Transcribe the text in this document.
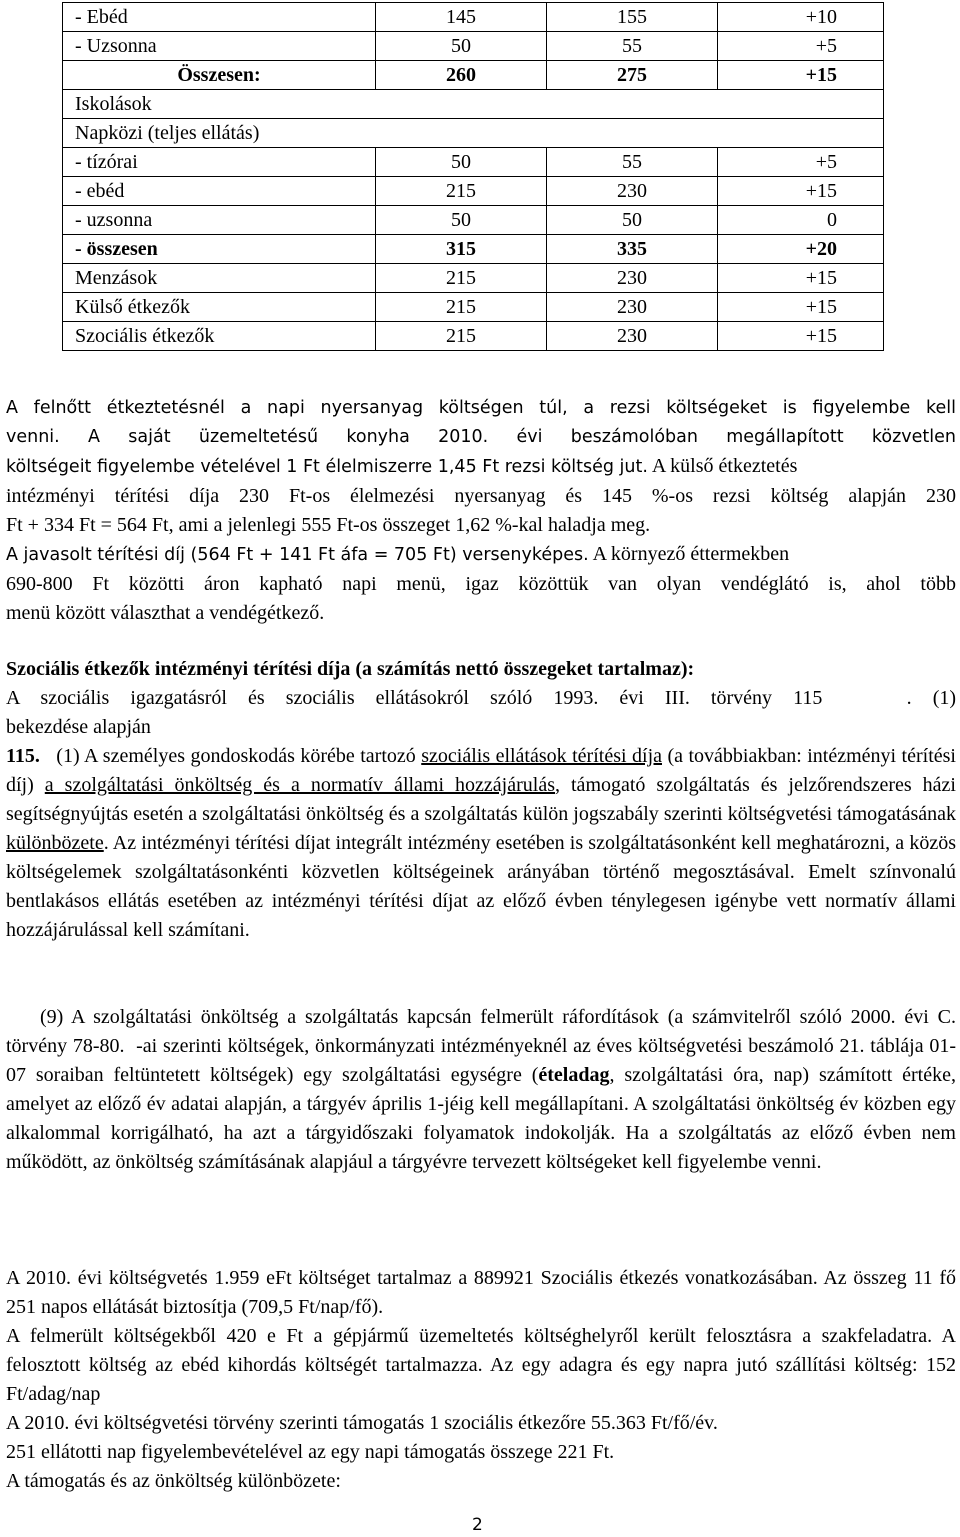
- Ebéd	145	155	+10
- Uzsonna	50	55	+5
Összesen:	260	275	+15
Iskolások			
Napközi (teljes ellátás)			
- tízórai	50	55	+5
- ebéd	215	230	+15
- uzsonna	50	50	0
- összesen	315	335	+20
Menzások	215	230	+15
Külső étkezők	215	230	+15
Szociális étkezők	215	230	+15
A felnőtt étkeztetésnél a napi nyersanyag költségen túl, a rezsi költségeket is figyelembe kell
venni. A saját üzemeltetésű konyha 2010. évi beszámolóban megállapított közvetlen
költségeit figyelembe vételével 1 Ft élelmiszerre 1,45 Ft rezsi költség jut. A külső étkeztetés
intézményi térítési díja 230 Ft-os élelmezési nyersanyag és 145 %-os rezsi költség alapján 230
Ft + 334 Ft = 564 Ft, ami a jelenlegi 555 Ft-os összeget 1,62 %-kal haladja meg.
A javasolt térítési díj (564 Ft + 141 Ft áfa = 705 Ft) versenyképes. A környező éttermekben
690-800 Ft közötti áron kapható napi menü, igaz közöttük van olyan vendéglátó is, ahol több
menü között választhat a vendégétkező.
Szociális étkezők intézményi térítési díja (a számítás nettó összegeket tartalmaz):
A szociális igazgatásról és szociális ellátásokról szóló 1993. évi III. törvény 115	. (1)
bekezdése alapján
115.   (1) A személyes gondoskodás körébe tartozó szociális ellátások térítési díja (a továbbiakban: intézményi térítési díj) a szolgáltatási önköltség és a normatív állami hozzájárulás, támogató szolgáltatás és jelzőrendszeres házi segítségnyújtás esetén a szolgáltatási önköltség és a szolgáltatás külön jogszabály szerinti költségvetési támogatásának különbözete. Az intézményi térítési díjat integrált intézmény esetében is szolgáltatásonként kell meghatározni, a közös költségelemek szolgáltatásonkénti közvetlen költségeinek arányában történő megosztásával. Emelt színvonalú bentlakásos ellátás esetében az intézményi térítési díjat az előző évben ténylegesen igénybe vett normatív állami hozzájárulással kell számítani.
(9) A szolgáltatási önköltség a szolgáltatás kapcsán felmerült ráfordítások (a számvitelről szóló 2000. évi C. törvény 78-80. -ai szerinti költségek, önkormányzati intézményeknél az éves költségvetési beszámoló 21. táblája 01-07 soraiban feltüntetett költségek) egy szolgáltatási egységre (ételadag, szolgáltatási óra, nap) számított értéke, amelyet az előző év adatai alapján, a tárgyév április 1-jéig kell megállapítani. A szolgáltatási önköltség év közben egy alkalommal korrigálható, ha azt a tárgyidőszaki folyamatok indokolják. Ha a szolgáltatás az előző évben nem működött, az önköltség számításának alapjául a tárgyévre tervezett költségeket kell figyelembe venni.
A 2010. évi költségvetés 1.959 eFt költséget tartalmaz a 889921 Szociális étkezés vonatkozásában. Az összeg 11 fő 251 napos ellátását biztosítja (709,5 Ft/nap/fő).
A felmerült költségekből 420 e Ft a gépjármű üzemeltetés költséghelyről került felosztásra a szakfeladatra. A felosztott költség az ebéd kihordás költségét tartalmazza. Az egy adagra és egy napra jutó szállítási költség: 152 Ft/adag/nap
A 2010. évi költségvetési törvény szerinti támogatás 1 szociális étkezőre 55.363 Ft/fő/év.
251 ellátotti nap figyelembevételével az egy napi támogatás összege 221 Ft.
A támogatás és az önköltség különbözete:
2
